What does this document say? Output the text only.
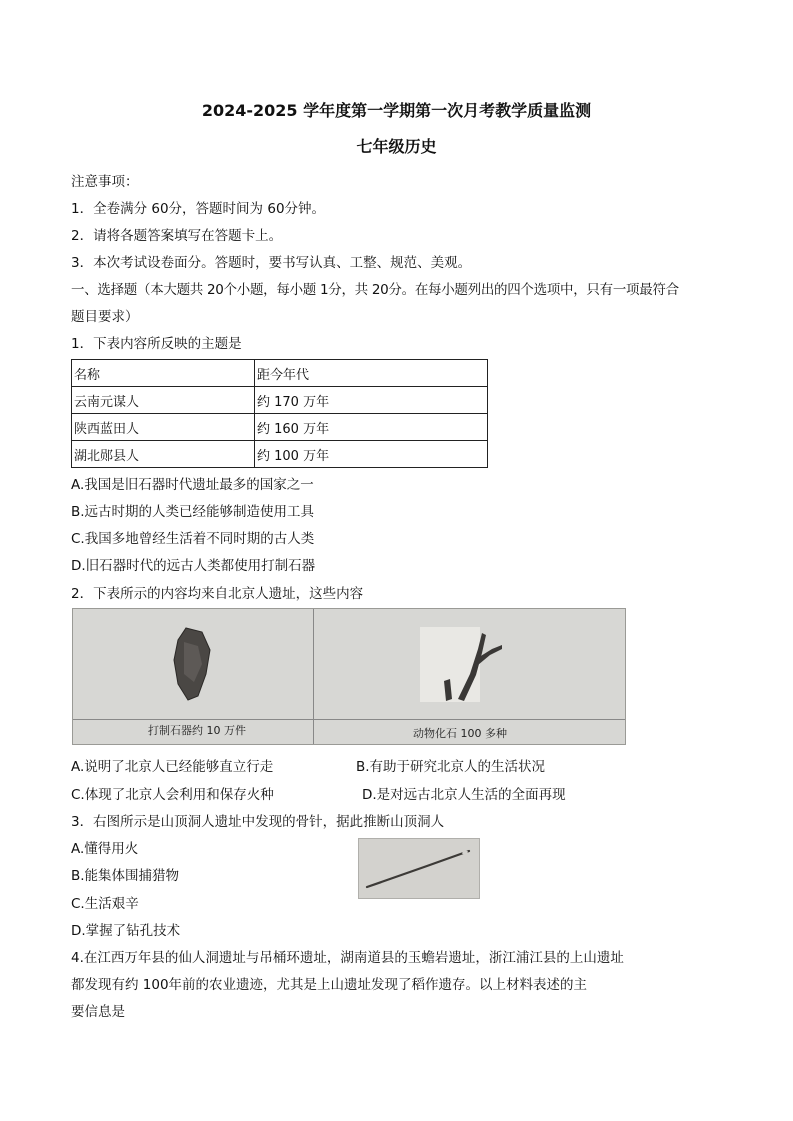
2024-2025 学年度第一学期第一次月考教学质量监测
七年级历史
注意事项：
1．全卷满分 60分，答题时间为 60分钟。
2．请将各题答案填写在答题卡上。
3．本次考试设卷面分。答题时，要书写认真、工整、规范、美观。
一、选择题（本大题共 20个小题，每小题 1分，共 20分。在每小题列出的四个选项中，只有一项最符合
题目要求）
1．下表内容所反映的主题是
名称	距今年代
云南元谋人	约 170 万年
陕西蓝田人	约 160 万年
湖北郧县人	约 100 万年
A.我国是旧石器时代遗址最多的国家之一
B.远古时期的人类已经能够制造使用工具
C.我国多地曾经生活着不同时期的古人类
D.旧石器时代的远古人类都使用打制石器
2．下表所示的内容均来自北京人遗址，这些内容
打制石器约 10 万件	动物化石 100 多种
A.说明了北京人已经能够直立行走	B.有助于研究北京人的生活状况
C.体现了北京人会利用和保存火种	D.是对远古北京人生活的全面再现
3．右图所示是山顶洞人遗址中发现的骨针，据此推断山顶洞人
A.懂得用火
B.能集体围捕猎物
C.生活艰辛
D.掌握了钻孔技术
4.在江西万年县的仙人洞遗址与吊桶环遗址，湖南道县的玉蟾岩遗址，浙江浦江县的上山遗址
都发现有约 100年前的农业遗迹，尤其是上山遗址发现了稻作遗存。以上材料表述的主
要信息是
